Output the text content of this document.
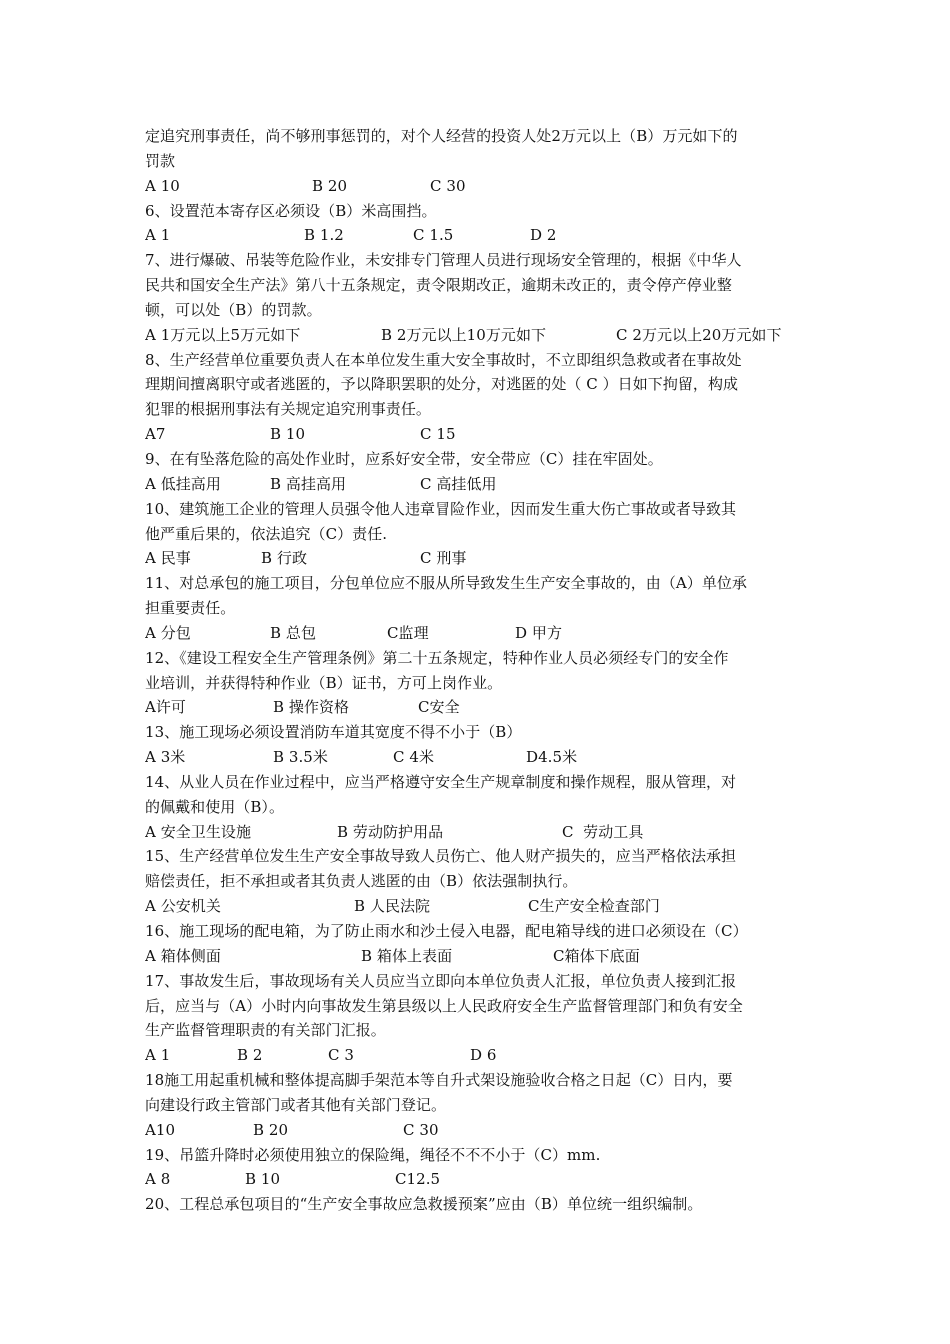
定追究刑事责任，尚不够刑事惩罚的，对个人经营的投资人处2万元以上（B）万元如下的
罚款

A 10

	B 20

	C 30

6、设置范本寄存区必须设（B）米高围挡。

A 1

	B 1.2

	C 1.5

	D 2

7、进行爆破、吊装等危险作业，未安排专门管理人员进行现场安全管理的，根据《中华人
民共和国安全生产法》第八十五条规定，责令限期改正，逾期未改正的，责令停产停业整
顿，可以处（B）的罚款。

A 1万元以上5万元如下

	B 2万元以上10万元如下

	C 2万元以上20万元如下

8、生产经营单位重要负责人在本单位发生重大安全事故时，不立即组织急救或者在事故处
理期间擅离职守或者逃匿的，予以降职罢职的处分，对逃匿的处（ C ）日如下拘留，构成
犯罪的根据刑事法有关规定追究刑事责任。

A7

	B 10

	C 15

9、在有坠落危险的高处作业时，应系好安全带，安全带应（C）挂在牢固处。

A 低挂高用

	B 高挂高用

	C 高挂低用

10、建筑施工企业的管理人员强令他人违章冒险作业，因而发生重大伤亡事故或者导致其
他严重后果的，依法追究（C）责任.

A 民事

	B 行政

	C 刑事

11、对总承包的施工项目，分包单位应不服从所导致发生生产安全事故的，由（A）单位承
担重要责任。

A 分包

	B 总包

	C监理

	D 甲方

12、《建设工程安全生产管理条例》第二十五条规定，特种作业人员必须经专门的安全作
业培训，并获得特种作业（B）证书，方可上岗作业。

A许可

	B 操作资格

	C安全

13、施工现场必须设置消防车道其宽度不得不小于（B）

A 3米

	B 3.5米

	C 4米

	D4.5米

14、从业人员在作业过程中，应当严格遵守安全生产规章制度和操作规程，服从管理，对
的佩戴和使用（B）。

A 安全卫生设施

	B 劳动防护用品

	C  劳动工具

15、生产经营单位发生生产安全事故导致人员伤亡、他人财产损失的，应当严格依法承担
赔偿责任，拒不承担或者其负责人逃匿的由（B）依法强制执行。

A 公安机关

	B 人民法院

	C生产安全检查部门

16、施工现场的配电箱，为了防止雨水和沙土侵入电器，配电箱导线的进口必须设在（C）

A 箱体侧面

	B 箱体上表面

	C箱体下底面

17、事故发生后，事故现场有关人员应当立即向本单位负责人汇报，单位负责人接到汇报
后，应当与（A）小时内向事故发生第县级以上人民政府安全生产监督管理部门和负有安全
生产监督管理职责的有关部门汇报。

A 1

	B 2

	C 3

	D 6

18施工用起重机械和整体提高脚手架范本等自升式架设施验收合格之日起（C）日内，要
向建设行政主管部门或者其他有关部门登记。

A10

	B 20

	C 30

19、吊篮升降时必须使用独立的保险绳，绳径不不不小于（C）mm.

A 8

	B 10

	C12.5

20、工程总承包项目的“生产安全事故应急救援预案”应由（B）单位统一组织编制。
